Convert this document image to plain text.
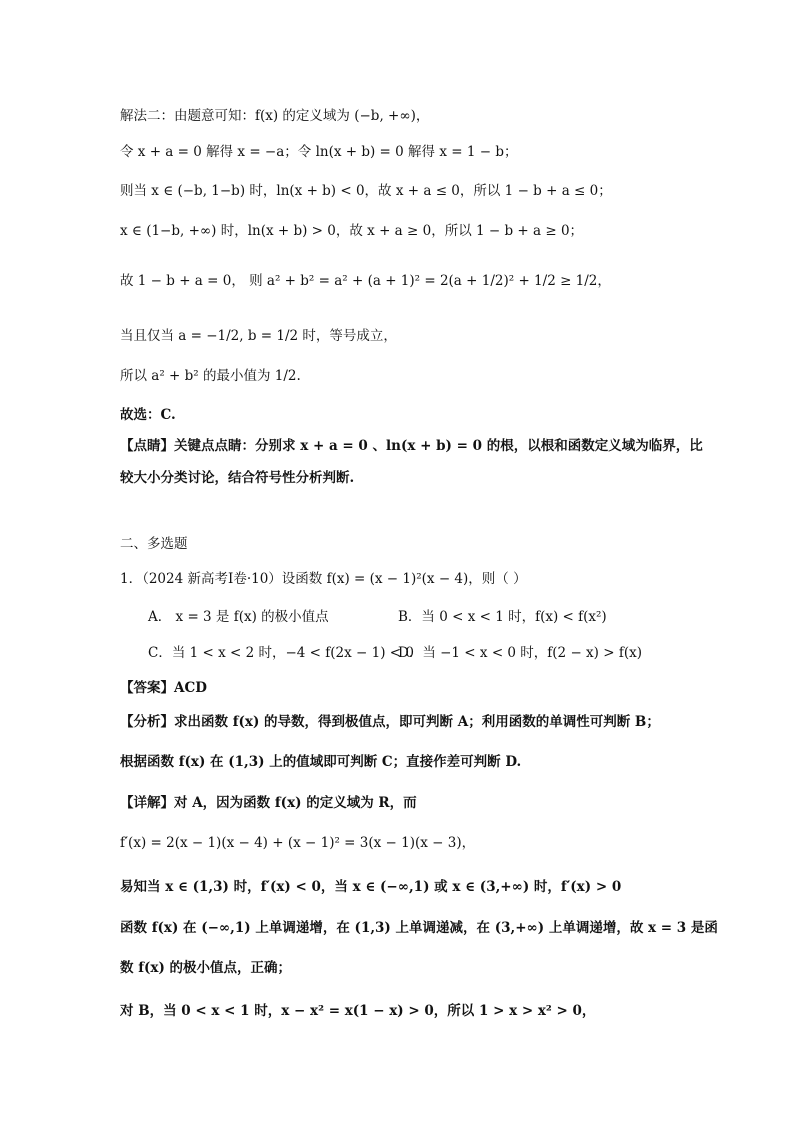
解法二：由题意可知：f(x) 的定义域为 (−b, +∞)，
令 x + a = 0 解得 x = −a；令 ln(x + b) = 0 解得 x = 1 − b；
则当 x ∈ (−b, 1−b) 时，ln(x + b) < 0，故 x + a ≤ 0，所以 1 − b + a ≤ 0；
x ∈ (1−b, +∞) 时，ln(x + b) > 0，故 x + a ≥ 0，所以 1 − b + a ≥ 0；
故 1 − b + a = 0， 则 a² + b² = a² + (a + 1)² = 2(a + 1/2)² + 1/2 ≥ 1/2，
当且仅当 a = −1/2, b = 1/2 时，等号成立，
所以 a² + b² 的最小值为 1/2.
故选：C.
【点睛】关键点点睛：分别求 x + a = 0 、ln(x + b) = 0 的根，以根和函数定义域为临界，比
较大小分类讨论，结合符号性分析判断.
二、多选题
1．（2024 新高考Ⅰ卷·10）设函数 f(x) = (x − 1)²(x − 4)，则（ ）
A． x = 3 是 f(x) 的极小值点	B．当 0 < x < 1 时，f(x) < f(x²)
C．当 1 < x < 2 时，−4 < f(2x − 1) < 0
D．当 −1 < x < 0 时，f(2 − x) > f(x)
【答案】ACD
【分析】求出函数 f(x) 的导数，得到极值点，即可判断 A；利用函数的单调性可判断 B；
根据函数 f(x) 在 (1,3) 上的值域即可判断 C；直接作差可判断 D.
【详解】对 A，因为函数 f(x) 的定义域为 R，而
f′(x) = 2(x − 1)(x − 4) + (x − 1)² = 3(x − 1)(x − 3)，
易知当 x ∈ (1,3) 时，f′(x) < 0，当 x ∈ (−∞,1) 或 x ∈ (3,+∞) 时，f′(x) > 0
函数 f(x) 在 (−∞,1) 上单调递增，在 (1,3) 上单调递减，在 (3,+∞) 上单调递增，故 x = 3 是函
数 f(x) 的极小值点，正确；
对 B，当 0 < x < 1 时，x − x² = x(1 − x) > 0，所以 1 > x > x² > 0，
